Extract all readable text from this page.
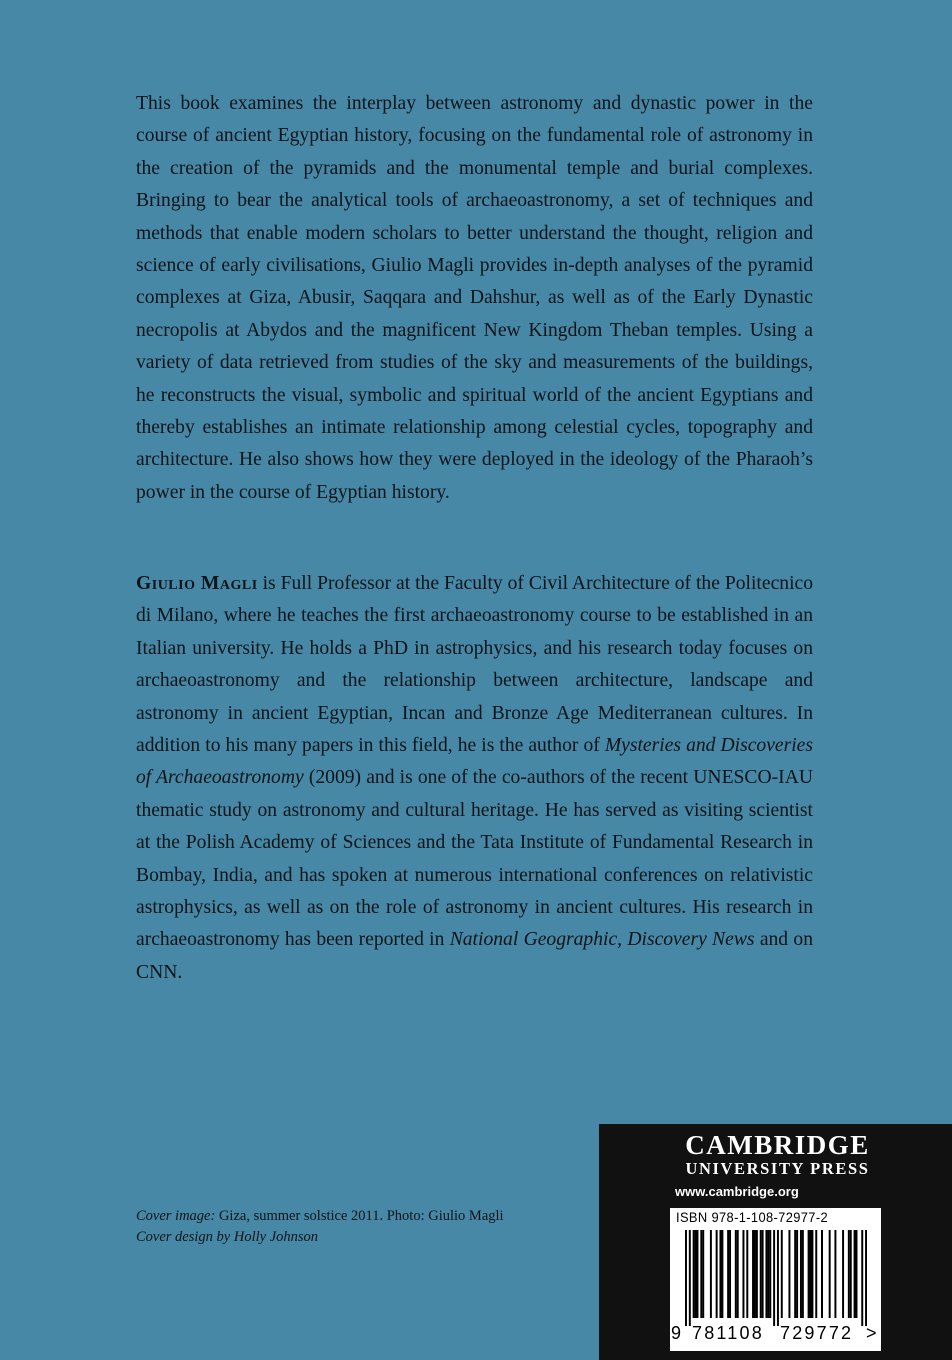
This book examines the interplay between astronomy and dynastic power in the course of ancient Egyptian history, focusing on the fundamental role of astronomy in the creation of the pyramids and the monumental temple and burial complexes. Bringing to bear the analytical tools of archaeoastronomy, a set of techniques and methods that enable modern scholars to better understand the thought, religion and science of early civilisations, Giulio Magli provides in-depth analyses of the pyramid complexes at Giza, Abusir, Saqqara and Dahshur, as well as of the Early Dynastic necropolis at Abydos and the magnificent New Kingdom Theban temples. Using a variety of data retrieved from studies of the sky and measurements of the buildings, he reconstructs the visual, symbolic and spiritual world of the ancient Egyptians and thereby establishes an intimate relationship among celestial cycles, topography and architecture. He also shows how they were deployed in the ideology of the Pharaoh’s power in the course of Egyptian history.
Giulio Magli is Full Professor at the Faculty of Civil Architecture of the Politecnico di Milano, where he teaches the first archaeoastronomy course to be established in an Italian university. He holds a PhD in astrophysics, and his research today focuses on archaeoastronomy and the relationship between architecture, landscape and astronomy in ancient Egyptian, Incan and Bronze Age Mediterranean cultures. In addition to his many papers in this field, he is the author of Mysteries and Discoveries of Archaeoastronomy (2009) and is one of the co-authors of the recent UNESCO-IAU thematic study on astronomy and cultural heritage. He has served as visiting scientist at the Polish Academy of Sciences and the Tata Institute of Fundamental Research in Bombay, India, and has spoken at numerous international conferences on relativistic astrophysics, as well as on the role of astronomy in ancient cultures. His research in archaeoastronomy has been reported in National Geographic, Discovery News and on CNN.
Cover image: Giza, summer solstice 2011. Photo: Giulio Magli
Cover design by Holly Johnson
CAMBRIDGE
UNIVERSITY PRESS
www.cambridge.org
ISBN 978-1-108-72977-2
9 781108 729772 >
